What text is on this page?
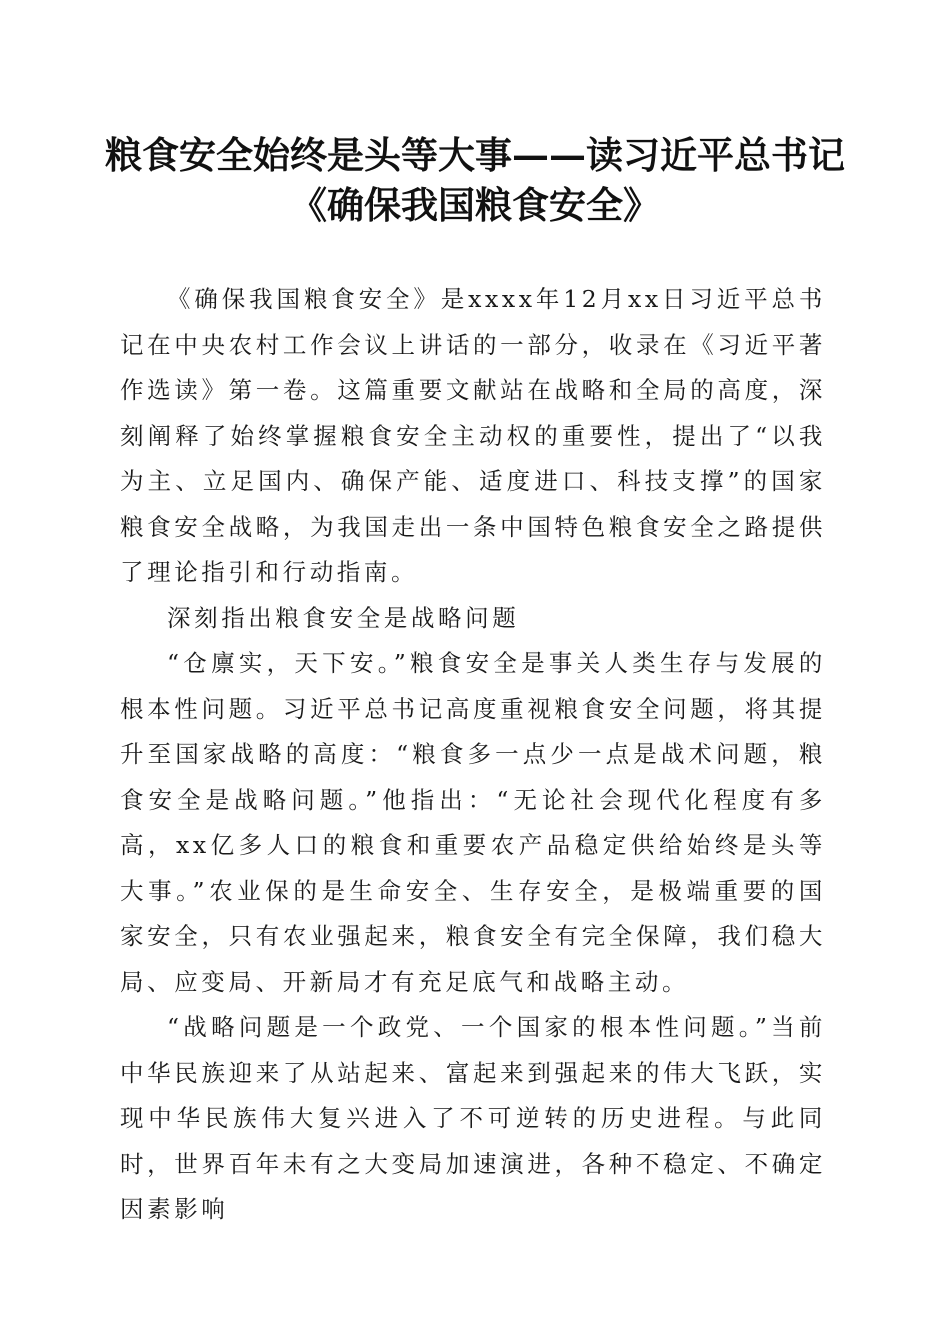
粮食安全始终是头等大事——读习近平总书记
《确保我国粮食安全》

《确保我国粮食安全》是xxxx年12月xx日习近平总书记在中央农村工作会议上讲话的一部分，收录在《习近平著作选读》第一卷。这篇重要文献站在战略和全局的高度，深刻阐释了始终掌握粮食安全主动权的重要性，提出了“以我为主、立足国内、确保产能、适度进口、科技支撑”的国家粮食安全战略，为我国走出一条中国特色粮食安全之路提供了理论指引和行动指南。

深刻指出粮食安全是战略问题

“仓廪实，天下安。”粮食安全是事关人类生存与发展的根本性问题。习近平总书记高度重视粮食安全问题，将其提升至国家战略的高度：“粮食多一点少一点是战术问题，粮食安全是战略问题。”他指出：“无论社会现代化程度有多高，xx亿多人口的粮食和重要农产品稳定供给始终是头等大事。”农业保的是生命安全、生存安全，是极端重要的国家安全，只有农业强起来，粮食安全有完全保障，我们稳大局、应变局、开新局才有充足底气和战略主动。

“战略问题是一个政党、一个国家的根本性问题。”当前中华民族迎来了从站起来、富起来到强起来的伟大飞跃，实现中华民族伟大复兴进入了不可逆转的历史进程。与此同时，世界百年未有之大变局加速演进，各种不稳定、不确定因素影响
